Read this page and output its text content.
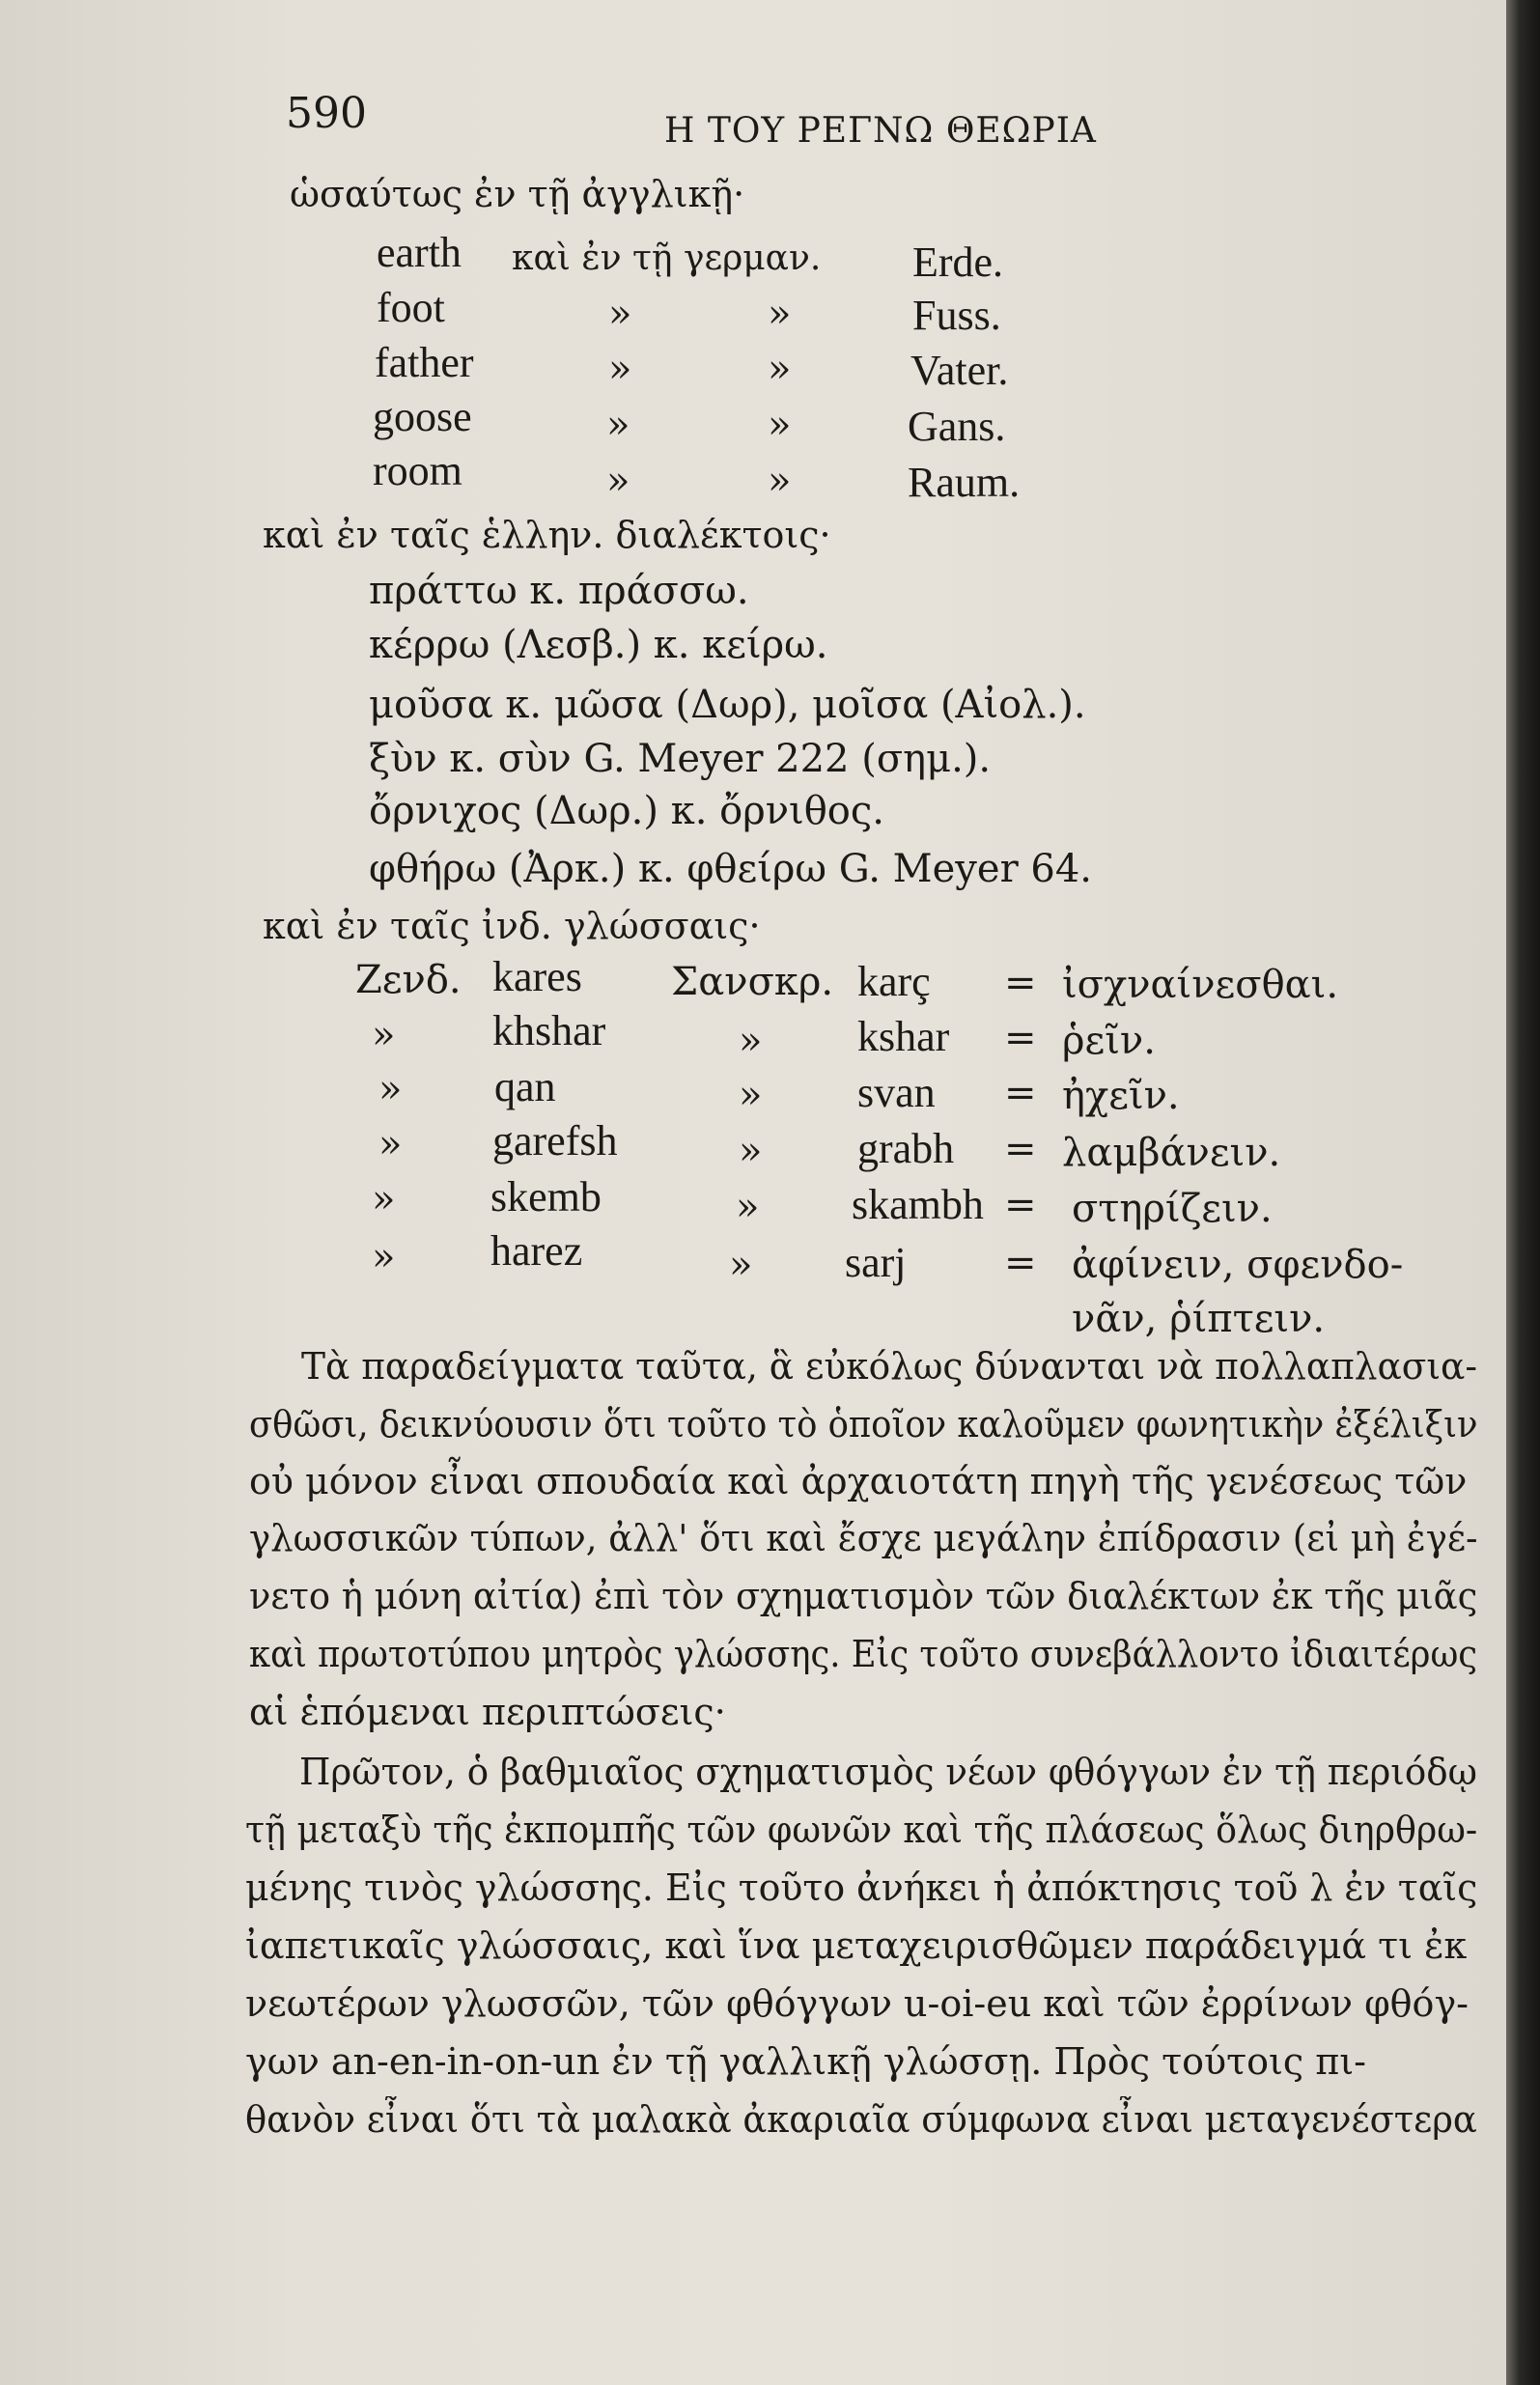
590	Η ΤΟΥ ΡΕΓΝΩ ΘΕΩΡΙΑ
ὡσαύτως ἐν τῇ ἀγγλικῇ·
earth καὶ ἐν τῇ γερμαν. Erde.
foot	»	»	Fuss.
father	»	»	Vater.
goose	»	»	Gans.
room	»	»	Raum.
καὶ ἐν ταῖς ἑλλην. διαλέκτοις·
πράττω κ. πράσσω.
κέρρω (Λεσβ.) κ. κείρω.
μοῦσα κ. μῶσα (Δωρ), μοῖσα (Αἰολ.).
ξὺν κ. σὺν G. Meyer 222 (σημ.).
ὄρνιχος (Δωρ.) κ. ὄρνιθος.
φθήρω (Ἀρκ.) κ. φθείρω G. Meyer 64.
καὶ ἐν ταῖς ἰνδ. γλώσσαις·
Ζενδ. kares Σανσκρ. karç = ἰσχναίνεσθαι.
» khshar	» kshar = ῥεῖν.
» qan	» svan = ἠχεῖν.
» garefsh	» grabh = λαμβάνειν.
» skemb	» skambh = στηρίζειν.
» harez	» sarj	= ἀφίνειν, σφενδο-
νᾶν, ῥίπτειν.
Τὰ παραδείγματα ταῦτα, ἃ εὐκόλως δύνανται νὰ πολλαπλασια-
σθῶσι, δεικνύουσιν ὅτι τοῦτο τὸ ὁποῖον καλοῦμεν φωνητικὴν ἐξέλιξιν
οὐ μόνον εἶναι σπουδαία καὶ ἀρχαιοτάτη πηγὴ τῆς γενέσεως τῶν
γλωσσικῶν τύπων, ἀλλ' ὅτι καὶ ἔσχε μεγάλην ἐπίδρασιν (εἰ μὴ ἐγέ-
νετο ἡ μόνη αἰτία) ἐπὶ τὸν σχηματισμὸν τῶν διαλέκτων ἐκ τῆς μιᾶς
καὶ πρωτοτύπου μητρὸς γλώσσης. Εἰς τοῦτο συνεβάλλοντο ἰδιαιτέρως
αἱ ἑπόμεναι περιπτώσεις·
Πρῶτον, ὁ βαθμιαῖος σχηματισμὸς νέων φθόγγων ἐν τῇ περιόδῳ
τῇ μεταξὺ τῆς ἐκπομπῆς τῶν φωνῶν καὶ τῆς πλάσεως ὅλως διηρθρω-
μένης τινὸς γλώσσης. Εἰς τοῦτο ἀνήκει ἡ ἀπόκτησις τοῦ λ ἐν ταῖς
ἰαπετικαῖς γλώσσαις, καὶ ἵνα μεταχειρισθῶμεν παράδειγμά τι ἐκ
νεωτέρων γλωσσῶν, τῶν φθόγγων u-oi-eu καὶ τῶν ἐρρίνων φθόγ-
γων an-en-in-on-un ἐν τῇ γαλλικῇ γλώσσῃ. Πρὸς τούτοις πι-
θανὸν εἶναι ὅτι τὰ μαλακὰ ἀκαριαῖα σύμφωνα εἶναι μεταγενέστερα
